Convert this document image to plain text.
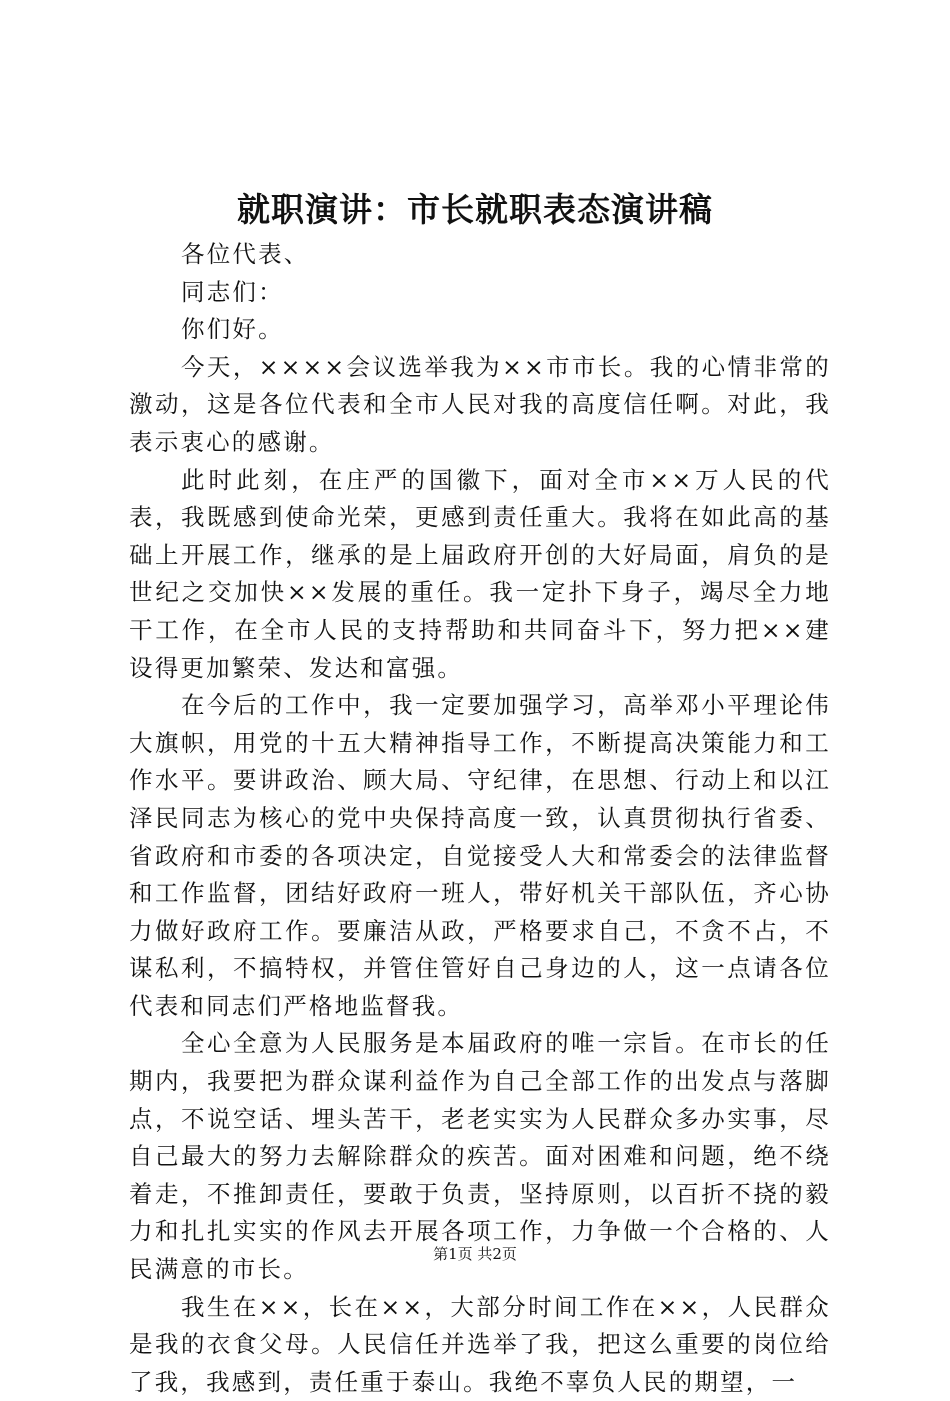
就职演讲：市长就职表态演讲稿

各位代表、

同志们：

你们好。

今天，××××会议选举我为××市市长。我的心情非常的激动，这是各位代表和全市人民对我的高度信任啊。对此，我表示衷心的感谢。

此时此刻，在庄严的国徽下，面对全市××万人民的代表，我既感到使命光荣，更感到责任重大。我将在如此高的基础上开展工作，继承的是上届政府开创的大好局面，肩负的是世纪之交加快××发展的重任。我一定扑下身子，竭尽全力地干工作，在全市人民的支持帮助和共同奋斗下，努力把××建设得更加繁荣、发达和富强。

在今后的工作中，我一定要加强学习，高举邓小平理论伟大旗帜，用党的十五大精神指导工作，不断提高决策能力和工作水平。要讲政治、顾大局、守纪律，在思想、行动上和以江泽民同志为核心的党中央保持高度一致，认真贯彻执行省委、省政府和市委的各项决定，自觉接受人大和常委会的法律监督和工作监督，团结好政府一班人，带好机关干部队伍，齐心协力做好政府工作。要廉洁从政，严格要求自己，不贪不占，不谋私利，不搞特权，并管住管好自己身边的人，这一点请各位代表和同志们严格地监督我。

全心全意为人民服务是本届政府的唯一宗旨。在市长的任期内，我要把为群众谋利益作为自己全部工作的出发点与落脚点，不说空话、埋头苦干，老老实实为人民群众多办实事，尽自己最大的努力去解除群众的疾苦。面对困难和问题，绝不绕着走，不推卸责任，要敢于负责，坚持原则，以百折不挠的毅力和扎扎实实的作风去开展各项工作，力争做一个合格的、人民满意的市长。

我生在××，长在××，大部分时间工作在××，人民群众是我的衣食父母。人民信任并选举了我，把这么重要的岗位给了我，我感到，责任重于泰山。我绝不辜负人民的期望，一

第1页 共2页
